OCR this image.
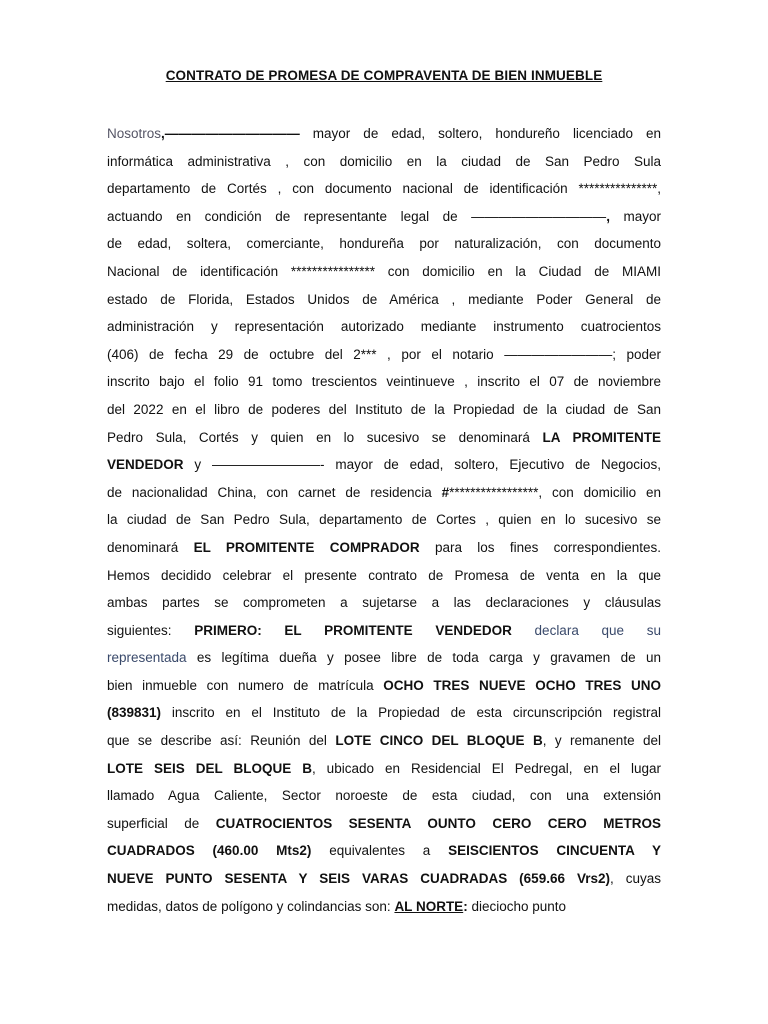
CONTRATO DE PROMESA DE COMPRAVENTA DE BIEN INMUEBLE
Nosotros,—————————— mayor de edad, soltero, hondureño licenciado en
informática administrativa , con domicilio en la ciudad de San Pedro Sula
departamento de Cortés , con documento nacional de identificación ***************,
actuando en condición de representante legal de ——————————, mayor
de edad, soltera, comerciante, hondureña por naturalización, con documento
Nacional de identificación **************** con domicilio en la Ciudad de MIAMI
estado de Florida, Estados Unidos de América , mediante Poder General de
administración y representación autorizado mediante instrumento cuatrocientos
(406) de fecha 29 de octubre del 2*** , por el notario ————————; poder
inscrito bajo el folio 91 tomo trescientos veintinueve , inscrito el 07 de noviembre
del 2022 en el libro de poderes del Instituto de la Propiedad de la ciudad de San
Pedro Sula, Cortés y quien en lo sucesivo se denominará LA PROMITENTE
VENDEDOR y ————————- mayor de edad, soltero, Ejecutivo de Negocios,
de nacionalidad China, con carnet de residencia #*****************, con domicilio en
la ciudad de San Pedro Sula, departamento de Cortes , quien en lo sucesivo se
denominará EL PROMITENTE COMPRADOR para los fines correspondientes.
Hemos decidido celebrar el presente contrato de Promesa de venta en la que
ambas partes se comprometen a sujetarse a las declaraciones y cláusulas
siguientes: PRIMERO: EL PROMITENTE VENDEDOR declara que su
representada es legítima dueña y posee libre de toda carga y gravamen de un
bien inmueble con numero de matrícula OCHO TRES NUEVE OCHO TRES UNO
(839831) inscrito en el Instituto de la Propiedad de esta circunscripción registral
que se describe así: Reunión del LOTE CINCO DEL BLOQUE B, y remanente del
LOTE SEIS DEL BLOQUE B, ubicado en Residencial El Pedregal, en el lugar
llamado Agua Caliente, Sector noroeste de esta ciudad, con una extensión
superficial de CUATROCIENTOS SESENTA OUNTO CERO CERO METROS
CUADRADOS (460.00 Mts2) equivalentes a SEISCIENTOS CINCUENTA Y
NUEVE PUNTO SESENTA Y SEIS VARAS CUADRADAS (659.66 Vrs2), cuyas
medidas, datos de polígono y colindancias son: AL NORTE: dieciocho punto
